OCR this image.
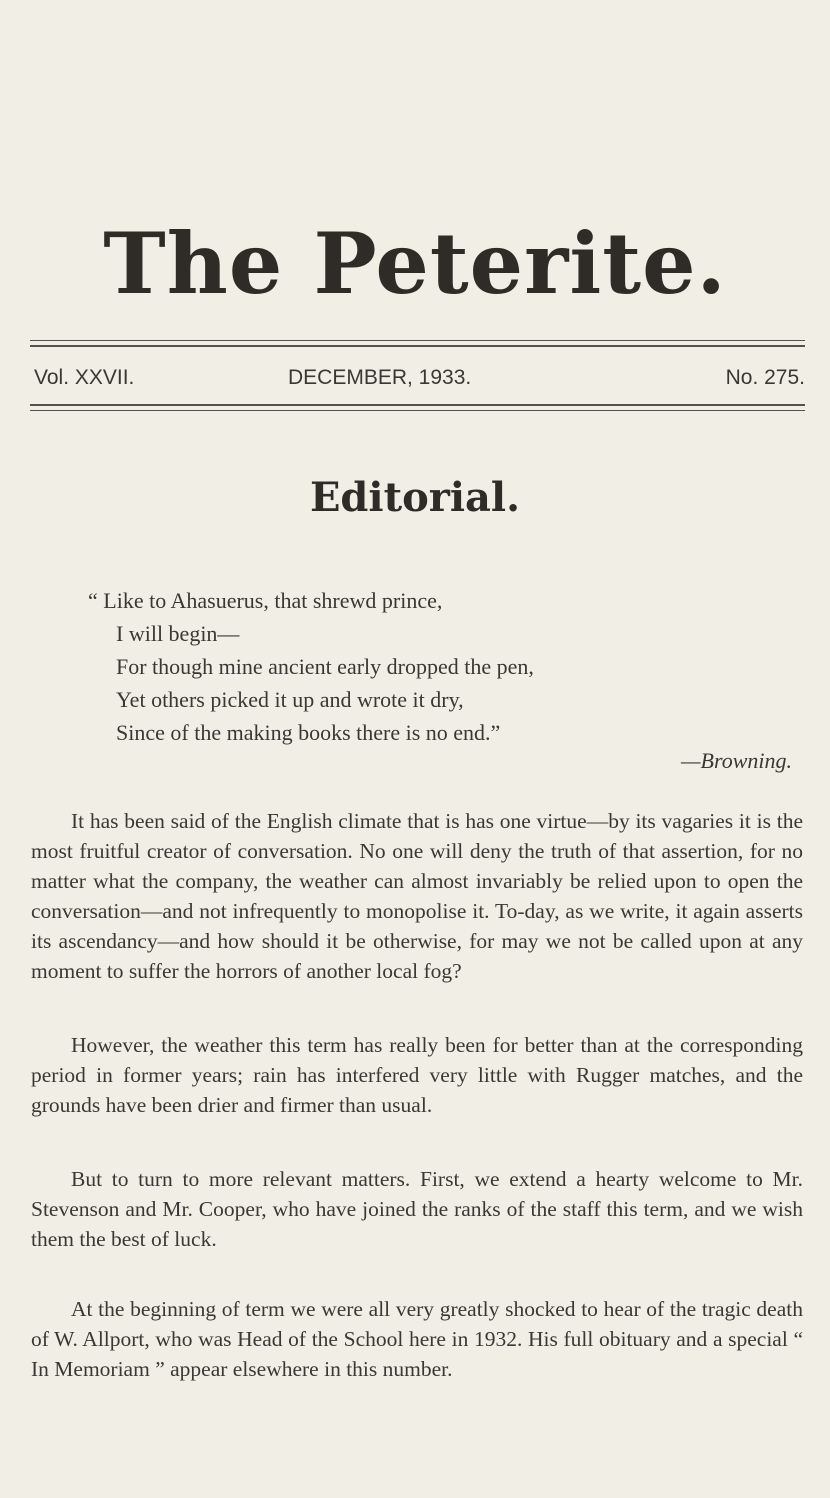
The Peterite.
Vol. XXVII.	DECEMBER, 1933.	No. 275.
Editorial.
“ Like to Ahasuerus, that shrewd prince,
I will begin—
For though mine ancient early dropped the pen,
Yet others picked it up and wrote it dry,
Since of the making books there is no end.”
—Browning.

It has been said of the English climate that is has one virtue—by its vagaries it is the most fruitful creator of conversation. No one will deny the truth of that assertion, for no matter what the company, the weather can almost invariably be relied upon to open the conversation—and not infrequently to monopolise it. To-day, as we write, it again asserts its ascendancy—and how should it be otherwise, for may we not be called upon at any moment to suffer the horrors of another local fog?

However, the weather this term has really been for better than at the corresponding period in former years; rain has interfered very little with Rugger matches, and the grounds have been drier and firmer than usual.

But to turn to more relevant matters. First, we extend a hearty welcome to Mr. Stevenson and Mr. Cooper, who have joined the ranks of the staff this term, and we wish them the best of luck.

At the beginning of term we were all very greatly shocked to hear of the tragic death of W. Allport, who was Head of the School here in 1932. His full obituary and a special “ In Memoriam ” appear elsewhere in this number.
